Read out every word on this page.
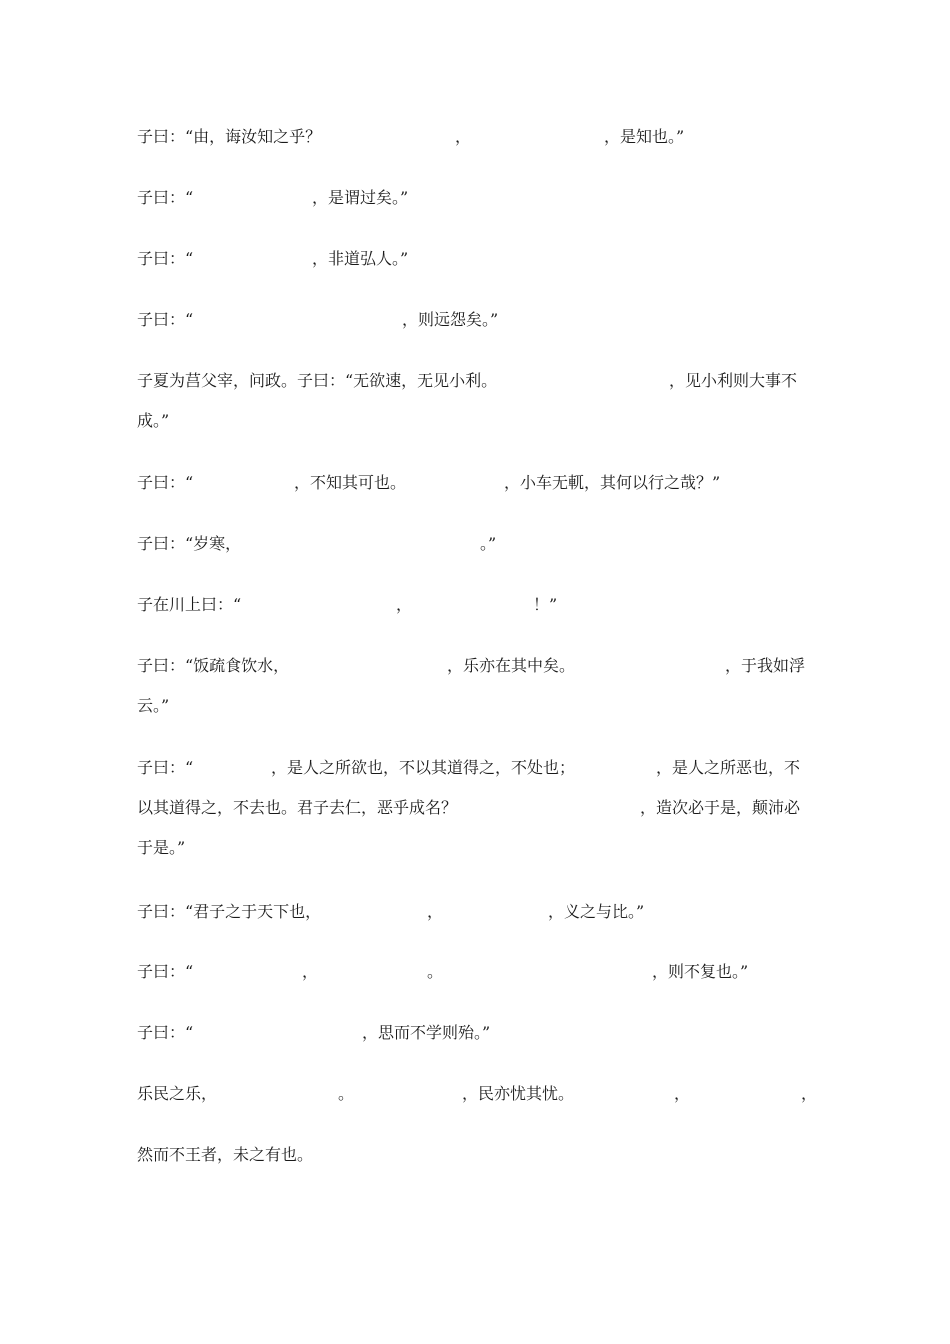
子曰：“由，诲汝知之乎？	，	，是知也。”
子曰：“	，是谓过矣。”
子曰：“	，非道弘人。”
子曰：“	，则远怨矣。”
子夏为莒父宰，问政。子曰：“无欲速，无见小利。	，见小利则大事不
成。”
子曰：“	，不知其可也。	，小车无軏，其何以行之哉？”
子曰：“岁寒，	。”
子在川上曰：“	，	！”
子曰：“饭疏食饮水，	，乐亦在其中矣。	，于我如浮
云。”
子曰：“	，是人之所欲也，不以其道得之，不处也；	，是人之所恶也，不
以其道得之，不去也。君子去仁，恶乎成名？	，造次必于是，颠沛必
于是。”
子曰：“君子之于天下也，	，	，义之与比。”
子曰：“	，	。	，则不复也。”
子曰：“	，思而不学则殆。”
乐民之乐，	。	，民亦忧其忧。	，	，
然而不王者，未之有也。
